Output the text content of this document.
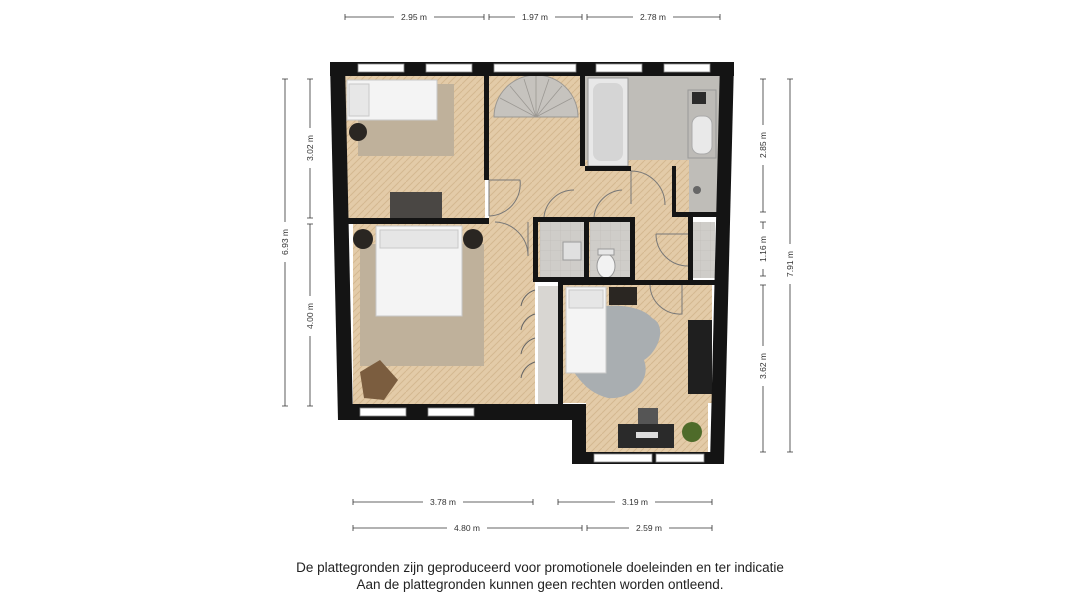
2.95 m	1.97 m	2.78 m
6.93 m
3.02 m
4.00 m
2.85 m
1.16 m
3.62 m
7.91 m
3.78 m	3.19 m
4.80 m	2.59 m
De plattegronden zijn geproduceerd voor promotionele doeleinden en ter indicatie
Aan de plattegronden kunnen geen rechten worden ontleend.
